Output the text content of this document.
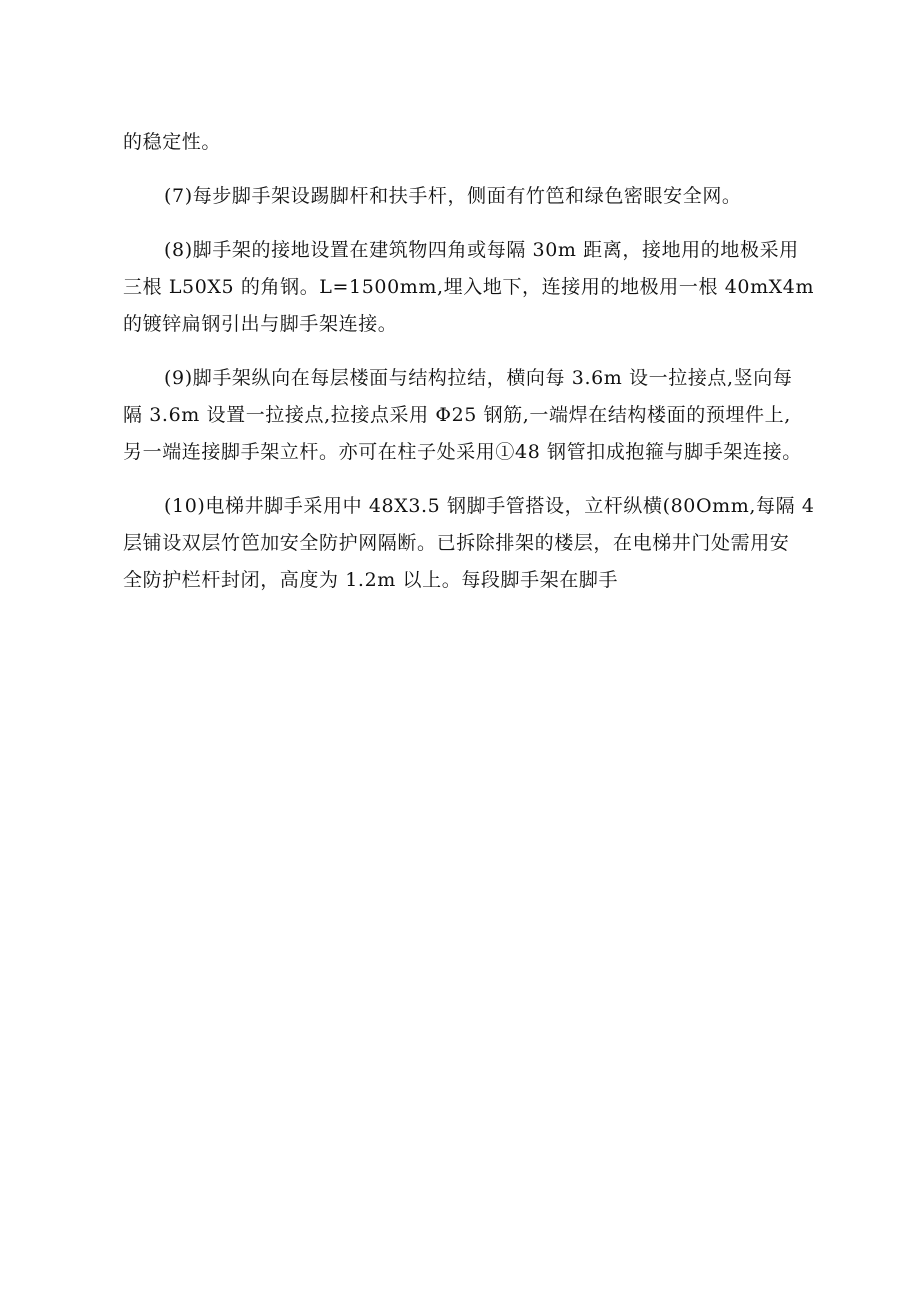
的稳定性。

(7)每步脚手架设踢脚杆和扶手杆，侧面有竹笆和绿色密眼安全网。

(8)脚手架的接地设置在建筑物四角或每隔 30m 距离，接地用的地极采用
三根 L50X5 的角钢。L=1500mm,埋入地下，连接用的地极用一根 40mX4m
的镀锌扁钢引出与脚手架连接。

(9)脚手架纵向在每层楼面与结构拉结，横向每 3.6m 设一拉接点,竖向每
隔 3.6m 设置一拉接点,拉接点采用 Φ25 钢筋,一端焊在结构楼面的预埋件上,
另一端连接脚手架立杆。亦可在柱子处采用①48 钢管扣成抱箍与脚手架连接。

(10)电梯井脚手采用中 48X3.5 钢脚手管搭设，立杆纵横(80Omm,每隔 4
层铺设双层竹笆加安全防护网隔断。已拆除排架的楼层，在电梯井门处需用安
全防护栏杆封闭，高度为 1.2m 以上。每段脚手架在脚手
